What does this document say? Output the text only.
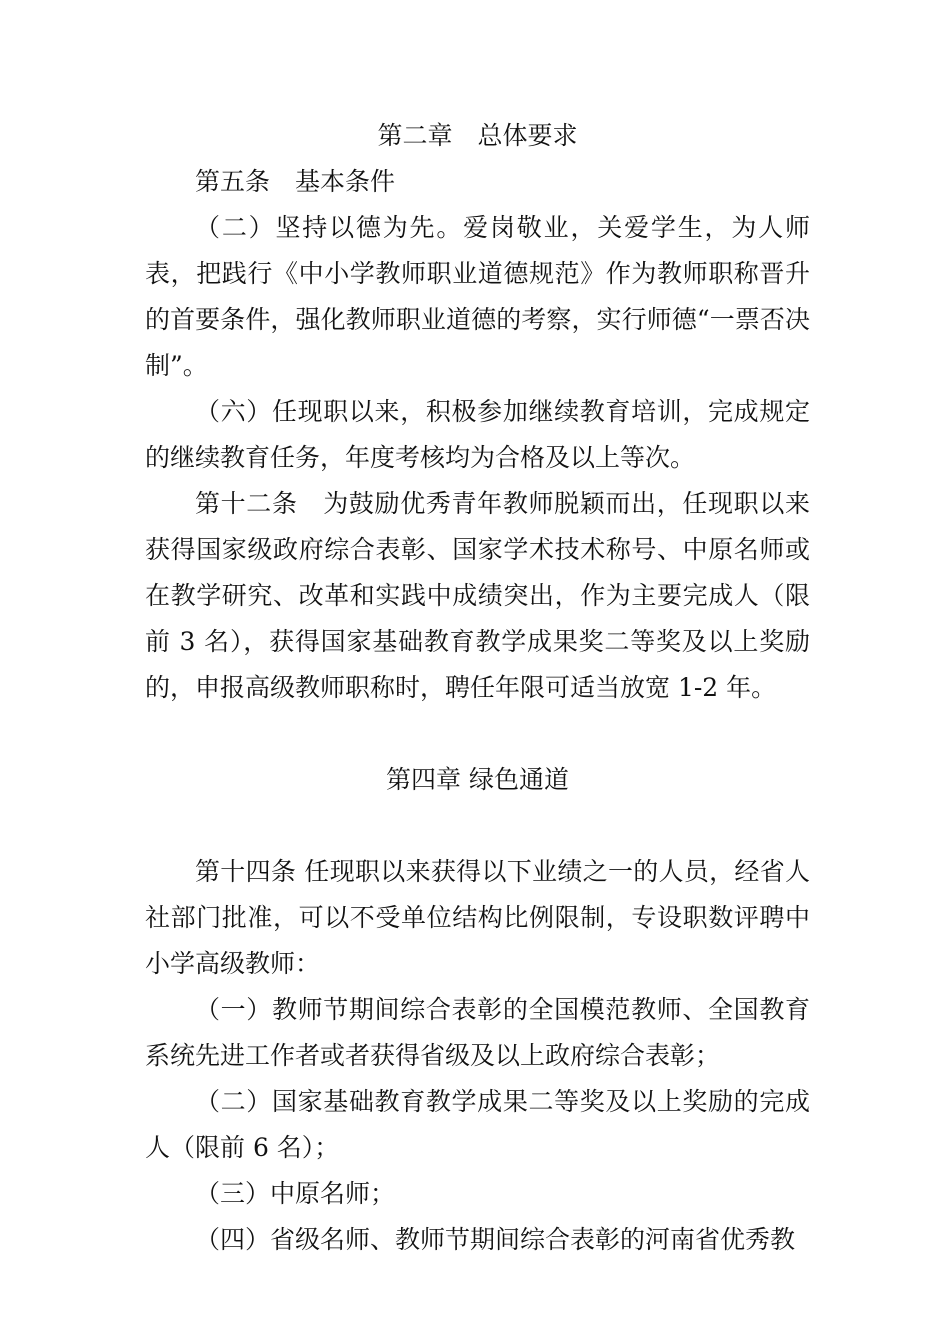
第二章　总体要求

第五条　基本条件

（二）坚持以德为先。爱岗敬业，关爱学生，为人师表，把践行《中小学教师职业道德规范》作为教师职称晋升的首要条件，强化教师职业道德的考察，实行师德“一票否决制”。

（六）任现职以来，积极参加继续教育培训，完成规定的继续教育任务，年度考核均为合格及以上等次。

第十二条　为鼓励优秀青年教师脱颖而出，任现职以来获得国家级政府综合表彰、国家学术技术称号、中原名师或在教学研究、改革和实践中成绩突出，作为主要完成人（限前 3 名），获得国家基础教育教学成果奖二等奖及以上奖励的，申报高级教师职称时，聘任年限可适当放宽 1-2 年。

第四章 绿色通道

第十四条 任现职以来获得以下业绩之一的人员，经省人社部门批准，可以不受单位结构比例限制，专设职数评聘中小学高级教师：

（一）教师节期间综合表彰的全国模范教师、全国教育系统先进工作者或者获得省级及以上政府综合表彰；

（二）国家基础教育教学成果二等奖及以上奖励的完成人（限前 6 名）；

（三）中原名师；

（四）省级名师、教师节期间综合表彰的河南省优秀教
